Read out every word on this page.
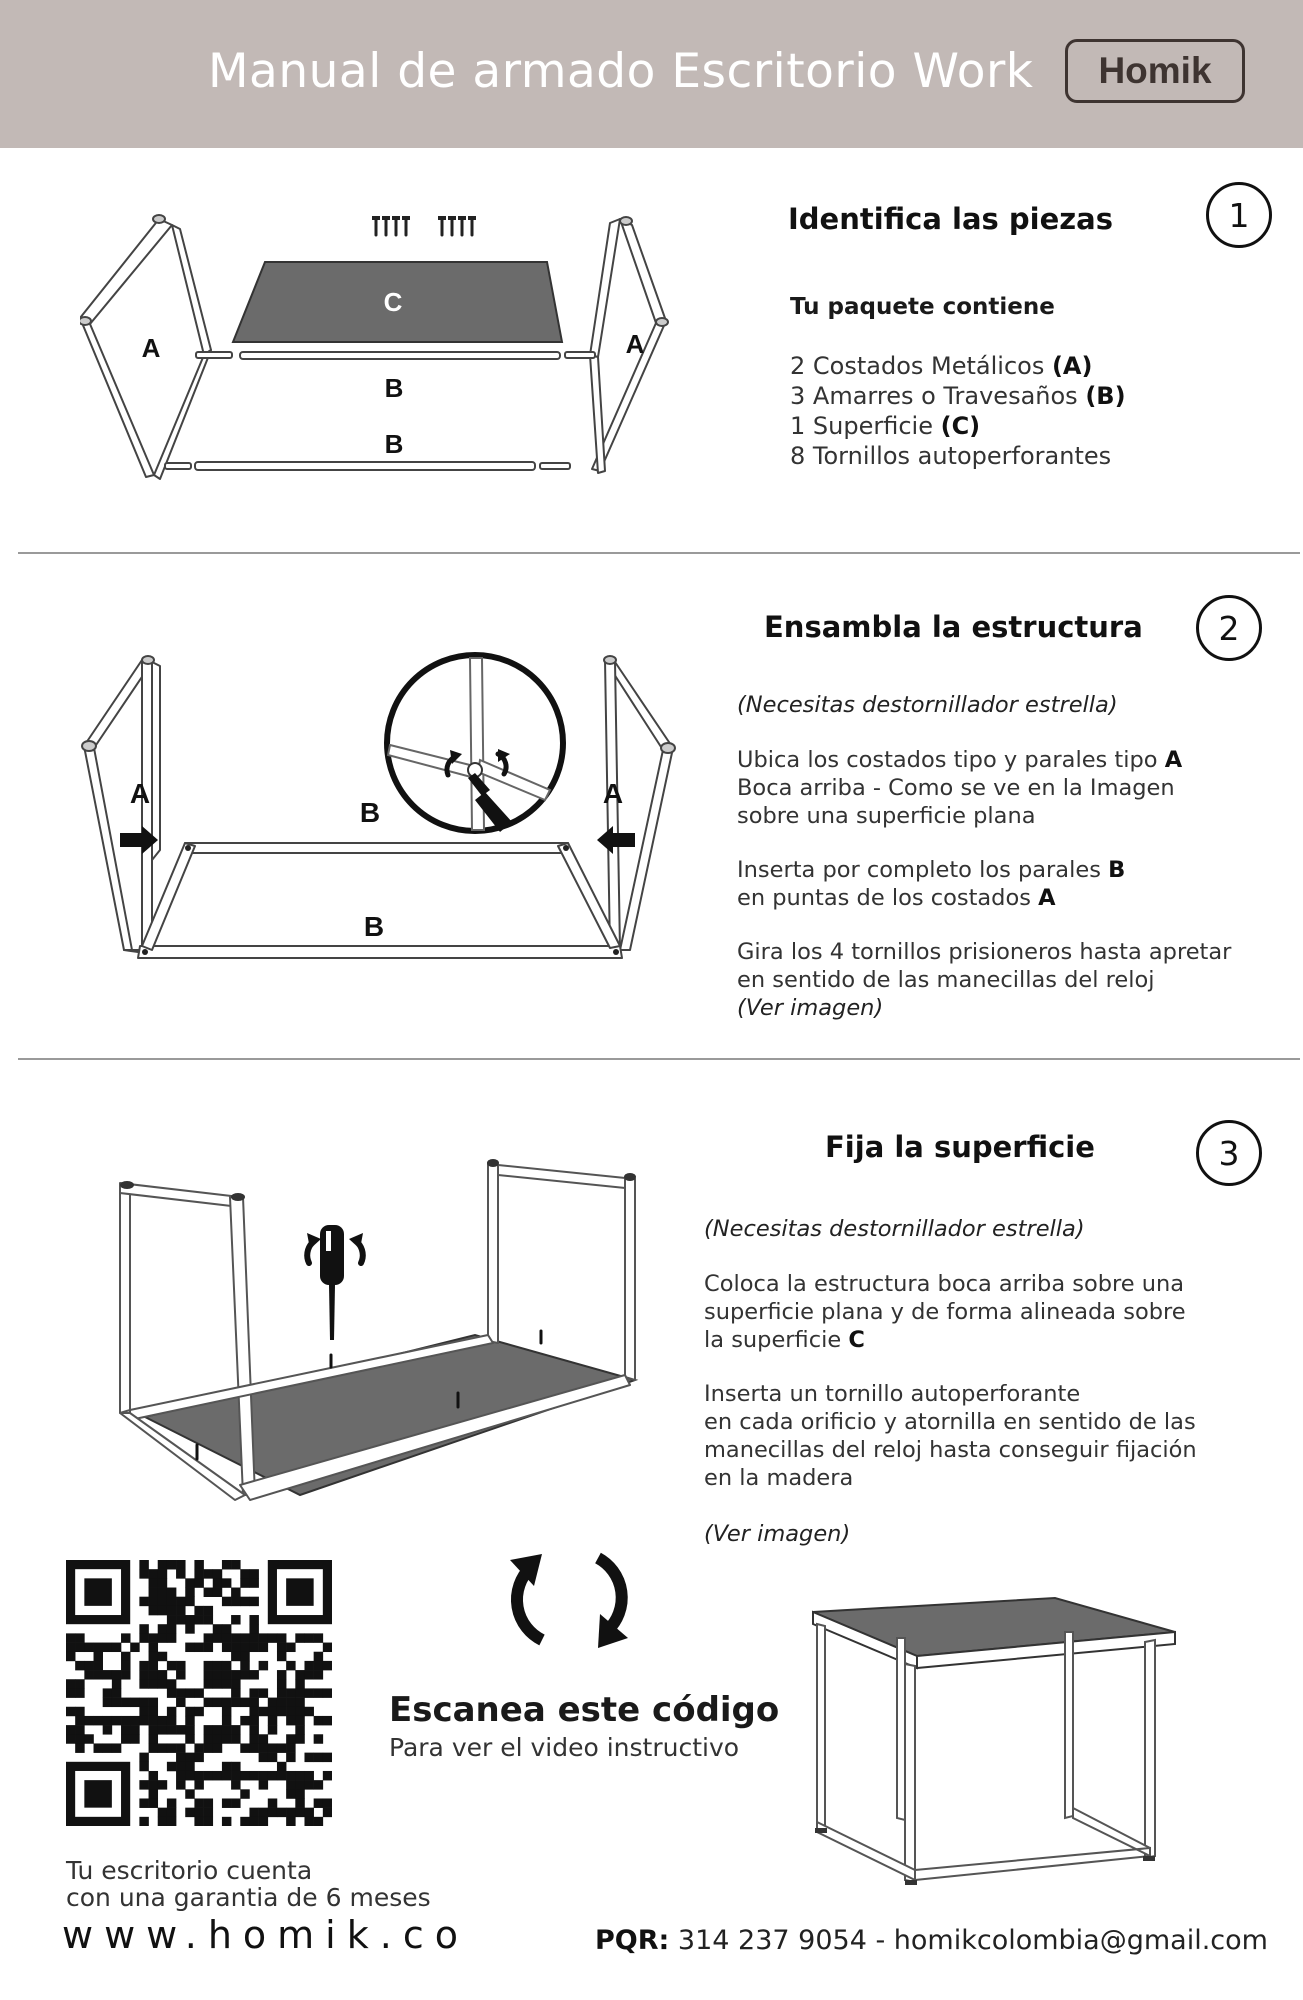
Manual de armado Escritorio Work Homik
A	A
C
B
B
Identifica las piezas	1

Tu paquete contiene

2 Costados Metálicos (A)

3 Amarres o Travesaños (B)

1 Superficie (C)

8 Tornillos autoperforantes

A	A
B
B
Ensambla la estructura	2

(Necesitas destornillador estrella)

Ubica los costados tipo y parales tipo A

Boca arriba - Como se ve en la Imagen

sobre una superficie plana

Inserta por completo los parales B

en puntas de los costados A

Gira los 4 tornillos prisioneros hasta apretar

en sentido de las manecillas del reloj

(Ver imagen)

Fija la superficie	3

(Necesitas destornillador estrella)

Coloca la estructura boca arriba sobre una

superficie plana y de forma alineada sobre

la superficie C

Inserta un tornillo autoperforante

en cada orificio y atornilla en sentido de las

manecillas del reloj hasta conseguir fijación

en la madera

(Ver imagen)

Escanea este código
Para ver el video instructivo

Tu escritorio cuenta

con una garantia de 6 meses

www.homik.co	PQR: 314 237 9054 - homikcolombia@gmail.com
